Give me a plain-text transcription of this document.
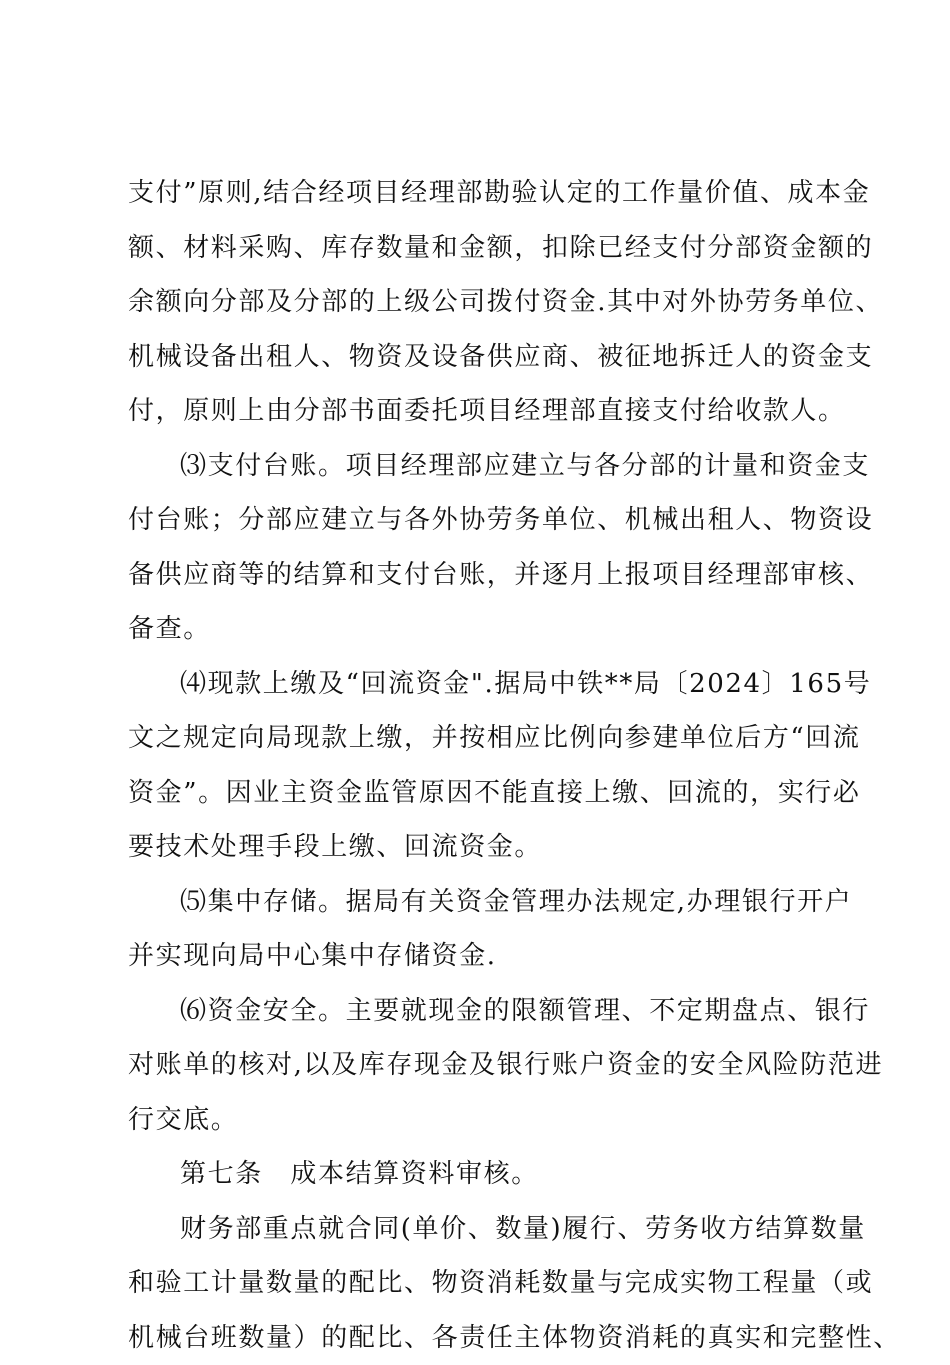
支付”原则,结合经项目经理部勘验认定的工作量价值、成本金
额、材料采购、库存数量和金额，扣除已经支付分部资金额的
余额向分部及分部的上级公司拨付资金.其中对外协劳务单位、
机械设备出租人、物资及设备供应商、被征地拆迁人的资金支
付，原则上由分部书面委托项目经理部直接支付给收款人。
⑶支付台账。项目经理部应建立与各分部的计量和资金支
付台账；分部应建立与各外协劳务单位、机械出租人、物资设
备供应商等的结算和支付台账，并逐月上报项目经理部审核、
备查。
⑷现款上缴及“回流资金".据局中铁**局〔2024〕165号
文之规定向局现款上缴，并按相应比例向参建单位后方“回流
资金”。因业主资金监管原因不能直接上缴、回流的，实行必
要技术处理手段上缴、回流资金。
⑸集中存储。据局有关资金管理办法规定,办理银行开户
并实现向局中心集中存储资金.
⑹资金安全。主要就现金的限额管理、不定期盘点、银行
对账单的核对,以及库存现金及银行账户资金的安全风险防范进
行交底。
第七条　成本结算资料审核。
财务部重点就合同(单价、数量)履行、劳务收方结算数量
和验工计量数量的配比、物资消耗数量与完成实物工程量（或
机械台班数量）的配比、各责任主体物资消耗的真实和完整性、
